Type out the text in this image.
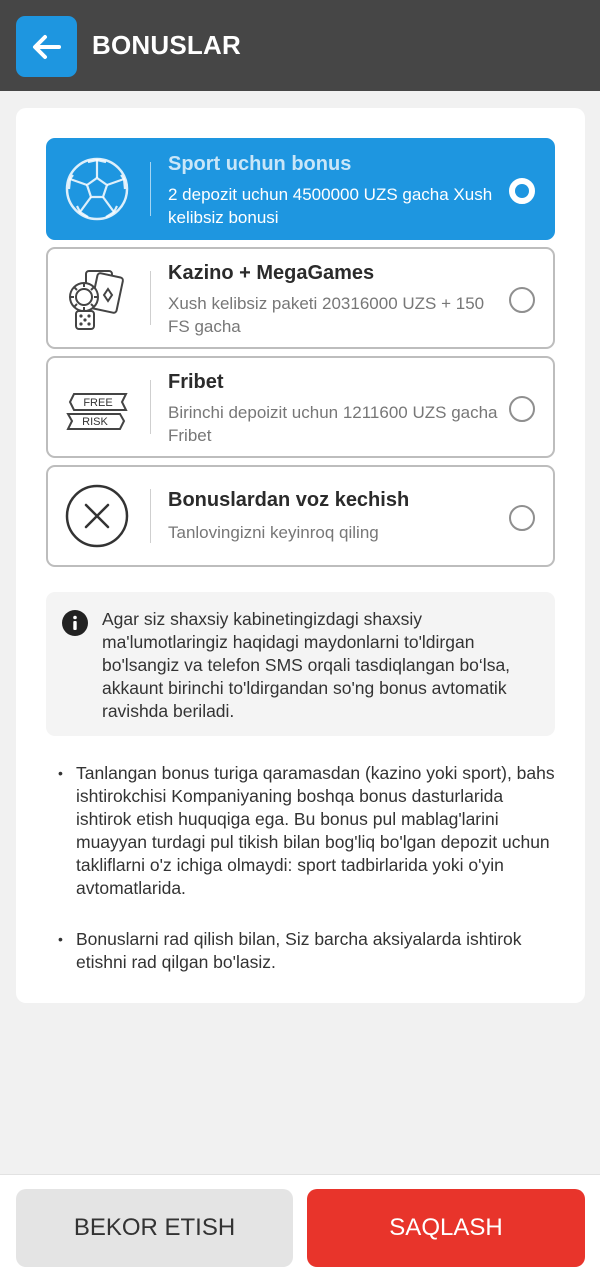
BONUSLAR
Sport uchun bonus
2 depozit uchun 4500000 UZS gacha Xush kelibsiz bonusi
Kazino + MegaGames
Xush kelibsiz paketi 20316000 UZS + 150 FS gacha
FREE
RISK
Fribet
Birinchi depoizit uchun 1211600 UZS gacha Fribet
Bonuslardan voz kechish
Tanlovingizni keyinroq qiling
Agar siz shaxsiy kabinetingizdagi shaxsiy ma'lumotlaringiz haqidagi maydonlarni to'ldirgan bo'lsangiz va telefon SMS orqali tasdiqlangan bo‘lsa, akkaunt birinchi to'ldirgandan so'ng bonus avtomatik ravishda beriladi.
• Tanlangan bonus turiga qaramasdan (kazino yoki sport), bahs ishtirokchisi Kompaniyaning boshqa bonus dasturlarida ishtirok etish huquqiga ega. Bu bonus pul mablag'larini muayyan turdagi pul tikish bilan bog'liq bo'lgan depozit uchun takliflarni o'z ichiga olmaydi: sport tadbirlarida yoki o'yin avtomatlarida.
• Bonuslarni rad qilish bilan, Siz barcha aksiyalarda ishtirok etishni rad qilgan bo'lasiz.
BEKOR ETISH	SAQLASH
